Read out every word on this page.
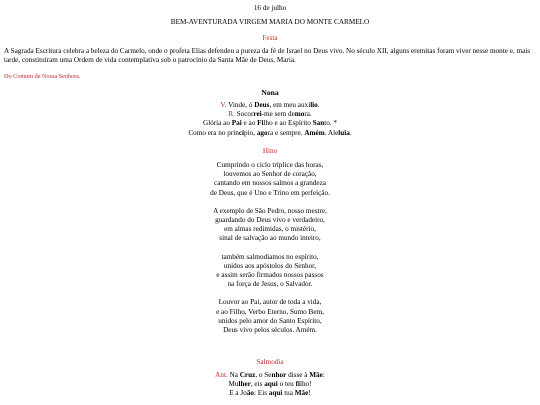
16 de julho
BEM-AVENTURADA VIRGEM MARIA DO MONTE CARMELO
Festa
A Sagrada Escritura celebra a beleza do Carmelo, onde o profeta Elias defendeu a pureza da fé de Israel no Deus vivo. No século XII, alguns eremitas foram viver nesse monte e, mais tarde, constituíram uma Ordem de vida contemplativa sob o patrocínio da Santa Mãe de Deus, Maria.
Do Comum de Nossa Senhora.
Nona
V. Vinde, ó Deus, em meu auxilio.
R. Socorrei-me sem demora.
Glória ao Pai e ao Filho e ao Espírito Santo. *
Como era no princípio, agora e sempre. Amém. Aleluia.
Hino
Cumprindo o ciclo tríplice das horas,
louvemos ao Senhor de coração,
cantando em nossos salmos a grandeza
de Deus, que é Uno e Trino em perfeição.
A exemplo de São Pedro, nosso mestre,
guardando do Deus vivo e verdadeiro,
em almas redimidas, o mistério,
sinal de salvação ao mundo inteiro,
também salmodiamos no espírito,
unidos aos apóstolos do Senhor,
e assim serão firmados nossos passos
na força de Jesus, o Salvador.
Louvor ao Pai, autor de toda a vida,
e ao Filho, Verbo Eterno, Sumo Bem,
unidos pelo amor do Santo Espírito,
Deus vivo pelos séculos. Amém.
Salmodia
Ant. Na Cruz, o Senhor disse à Mãe:
Mulher, eis aqui o teu filho!
E a João: Eis aqui tua Mãe!
